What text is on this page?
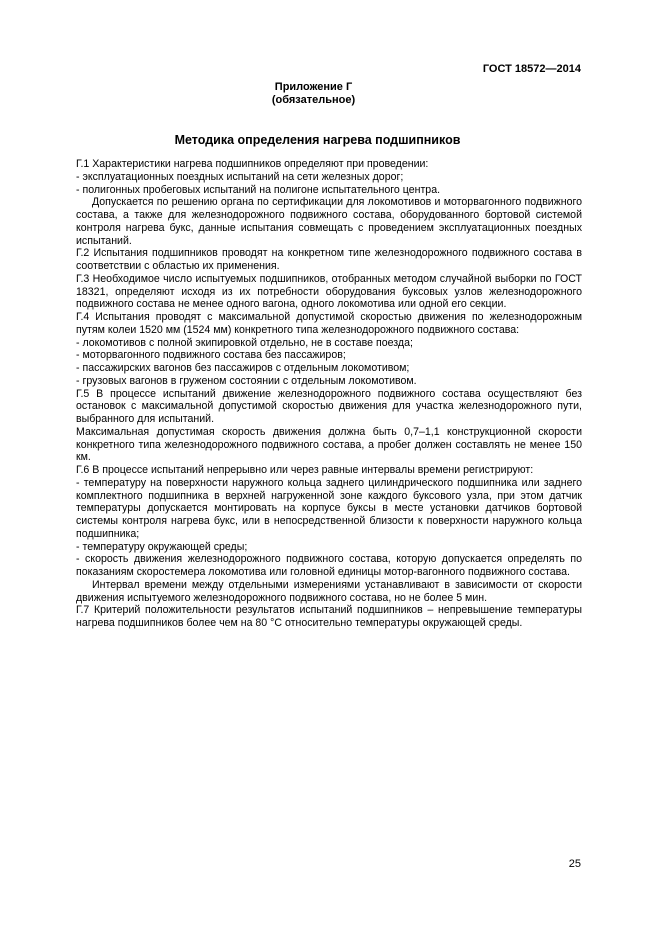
ГОСТ 18572—2014
Приложение Г
(обязательное)
Методика определения нагрева подшипников

Г.1 Характеристики нагрева подшипников определяют при проведении:

- эксплуатационных поездных испытаний на сети железных дорог;

- полигонных пробеговых испытаний на полигоне испытательного центра.

Допускается по решению органа по сертификации для локомотивов и моторвагонного подвижного состава, а также для железнодорожного подвижного состава, оборудованного бортовой системой контроля нагрева букс, данные испытания совмещать с проведением эксплуатационных поездных испытаний.

Г.2 Испытания подшипников проводят на конкретном типе железнодорожного подвижного состава в соответствии с областью их применения.

Г.3 Необходимое число испытуемых подшипников, отобранных методом случайной выборки по ГОСТ 18321, определяют исходя из их потребности оборудования буксовых узлов железнодорожного подвижного состава не менее одного вагона, одного локомотива или одной его секции.

Г.4 Испытания проводят с максимальной допустимой скоростью движения по железнодорожным путям колеи 1520 мм (1524 мм) конкретного типа железнодорожного подвижного состава:

- локомотивов с полной экипировкой отдельно, не в составе поезда;

- моторвагонного подвижного состава без пассажиров;

- пассажирских вагонов без пассажиров с отдельным локомотивом;

- грузовых вагонов в груженом состоянии с отдельным локомотивом.

Г.5 В процессе испытаний движение железнодорожного подвижного состава осуществляют без остановок с максимальной допустимой скоростью движения для участка железнодорожного пути, выбранного для испытаний.

Максимальная допустимая скорость движения должна быть 0,7–1,1 конструкционной скорости конкретного типа железнодорожного подвижного состава, а пробег должен составлять не менее 150 км.

Г.6 В процессе испытаний непрерывно или через равные интервалы времени регистрируют:

- температуру на поверхности наружного кольца заднего цилиндрического подшипника или заднего комплектного подшипника в верхней нагруженной зоне каждого буксового узла, при этом датчик температуры допускается монтировать на корпусе буксы в месте установки датчиков бортовой системы контроля нагрева букс, или в непосредственной близости к поверхности наружного кольца подшипника;

- температуру окружающей среды;

- скорость движения железнодорожного подвижного состава, которую допускается определять по показаниям скоростемера локомотива или головной единицы мотор-вагонного подвижного состава.

Интервал времени между отдельными измерениями устанавливают в зависимости от скорости движения испытуемого железнодорожного подвижного состава, но не более 5 мин.

Г.7 Критерий положительности результатов испытаний подшипников – непревышение температуры нагрева подшипников более чем на 80 °С относительно температуры окружающей среды.

25
